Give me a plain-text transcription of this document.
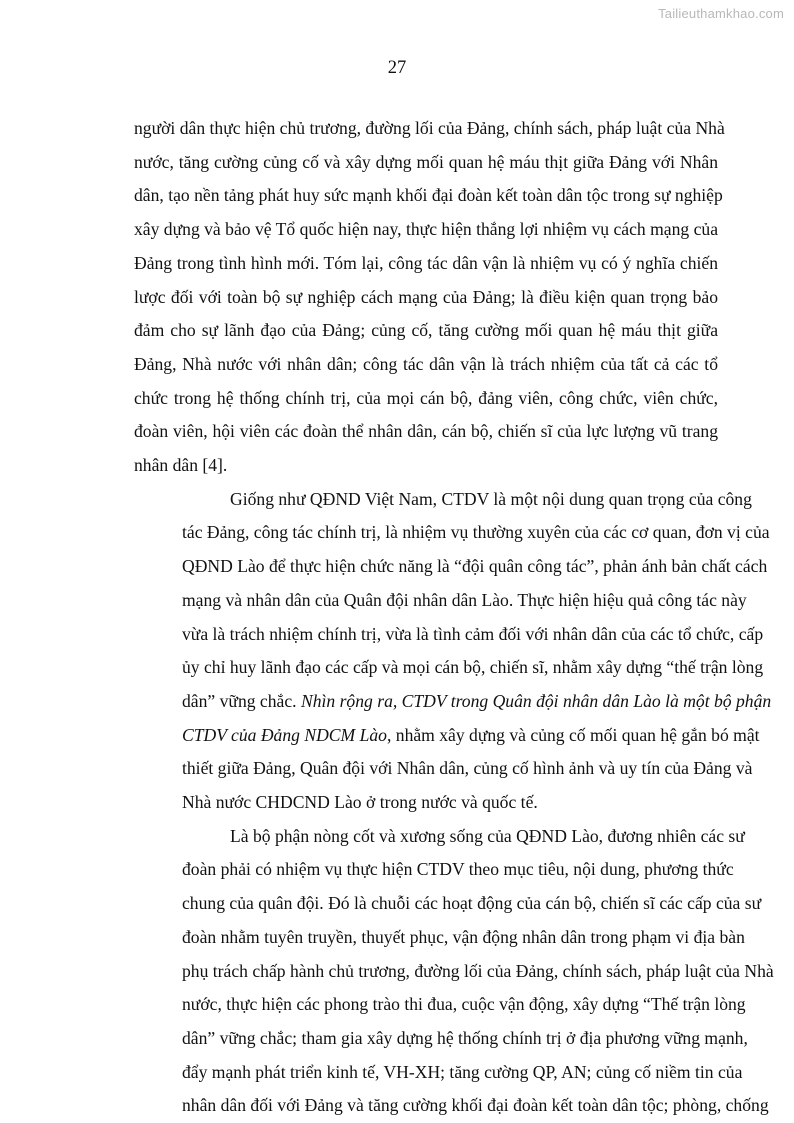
Tailieuthamkhao.com
27
người dân thực hiện chủ trương, đường lối của Đảng, chính sách, pháp luật của Nhà
nước, tăng cường củng cố và xây dựng mối quan hệ máu thịt giữa Đảng với Nhân
dân, tạo nền tảng phát huy sức mạnh khối đại đoàn kết toàn dân tộc trong sự nghiệp
xây dựng và bảo vệ Tổ quốc hiện nay, thực hiện thắng lợi nhiệm vụ cách mạng của
Đảng trong tình hình mới. Tóm lại, công tác dân vận là nhiệm vụ có ý nghĩa chiến
lược đối với toàn bộ sự nghiệp cách mạng của Đảng; là điều kiện quan trọng bảo
đảm cho sự lãnh đạo của Đảng; củng cố, tăng cường mối quan hệ máu thịt giữa
Đảng, Nhà nước với nhân dân; công tác dân vận là trách nhiệm của tất cả các tổ
chức trong hệ thống chính trị, của mọi cán bộ, đảng viên, công chức, viên chức,
đoàn viên, hội viên các đoàn thể nhân dân, cán bộ, chiến sĩ của lực lượng vũ trang
nhân dân [4].
Giống như QĐND Việt Nam, CTDV là một nội dung quan trọng của công
tác Đảng, công tác chính trị, là nhiệm vụ thường xuyên của các cơ quan, đơn vị của
QĐND Lào để thực hiện chức năng là “đội quân công tác”, phản ánh bản chất cách
mạng và nhân dân của Quân đội nhân dân Lào. Thực hiện hiệu quả công tác này
vừa là trách nhiệm chính trị, vừa là tình cảm đối với nhân dân của các tổ chức, cấp
ủy chỉ huy lãnh đạo các cấp và mọi cán bộ, chiến sĩ, nhằm xây dựng “thế trận lòng
dân” vững chắc. Nhìn rộng ra, CTDV trong Quân đội nhân dân Lào là một bộ phận
CTDV của Đảng NDCM Lào, nhằm xây dựng và củng cố mối quan hệ gắn bó mật
thiết giữa Đảng, Quân đội với Nhân dân, củng cố hình ảnh và uy tín của Đảng và
Nhà nước CHDCND Lào ở trong nước và quốc tế.
Là bộ phận nòng cốt và xương sống của QĐND Lào, đương nhiên các sư
đoàn phải có nhiệm vụ thực hiện CTDV theo mục tiêu, nội dung, phương thức
chung của quân đội. Đó là chuỗi các hoạt động của cán bộ, chiến sĩ các cấp của sư
đoàn nhằm tuyên truyền, thuyết phục, vận động nhân dân trong phạm vi địa bàn
phụ trách chấp hành chủ trương, đường lối của Đảng, chính sách, pháp luật của Nhà
nước, thực hiện các phong trào thi đua, cuộc vận động, xây dựng “Thế trận lòng
dân” vững chắc; tham gia xây dựng hệ thống chính trị ở địa phương vững mạnh,
đẩy mạnh phát triển kinh tế, VH-XH; tăng cường QP, AN; củng cố niềm tin của
nhân dân đối với Đảng và tăng cường khối đại đoàn kết toàn dân tộc; phòng, chống
